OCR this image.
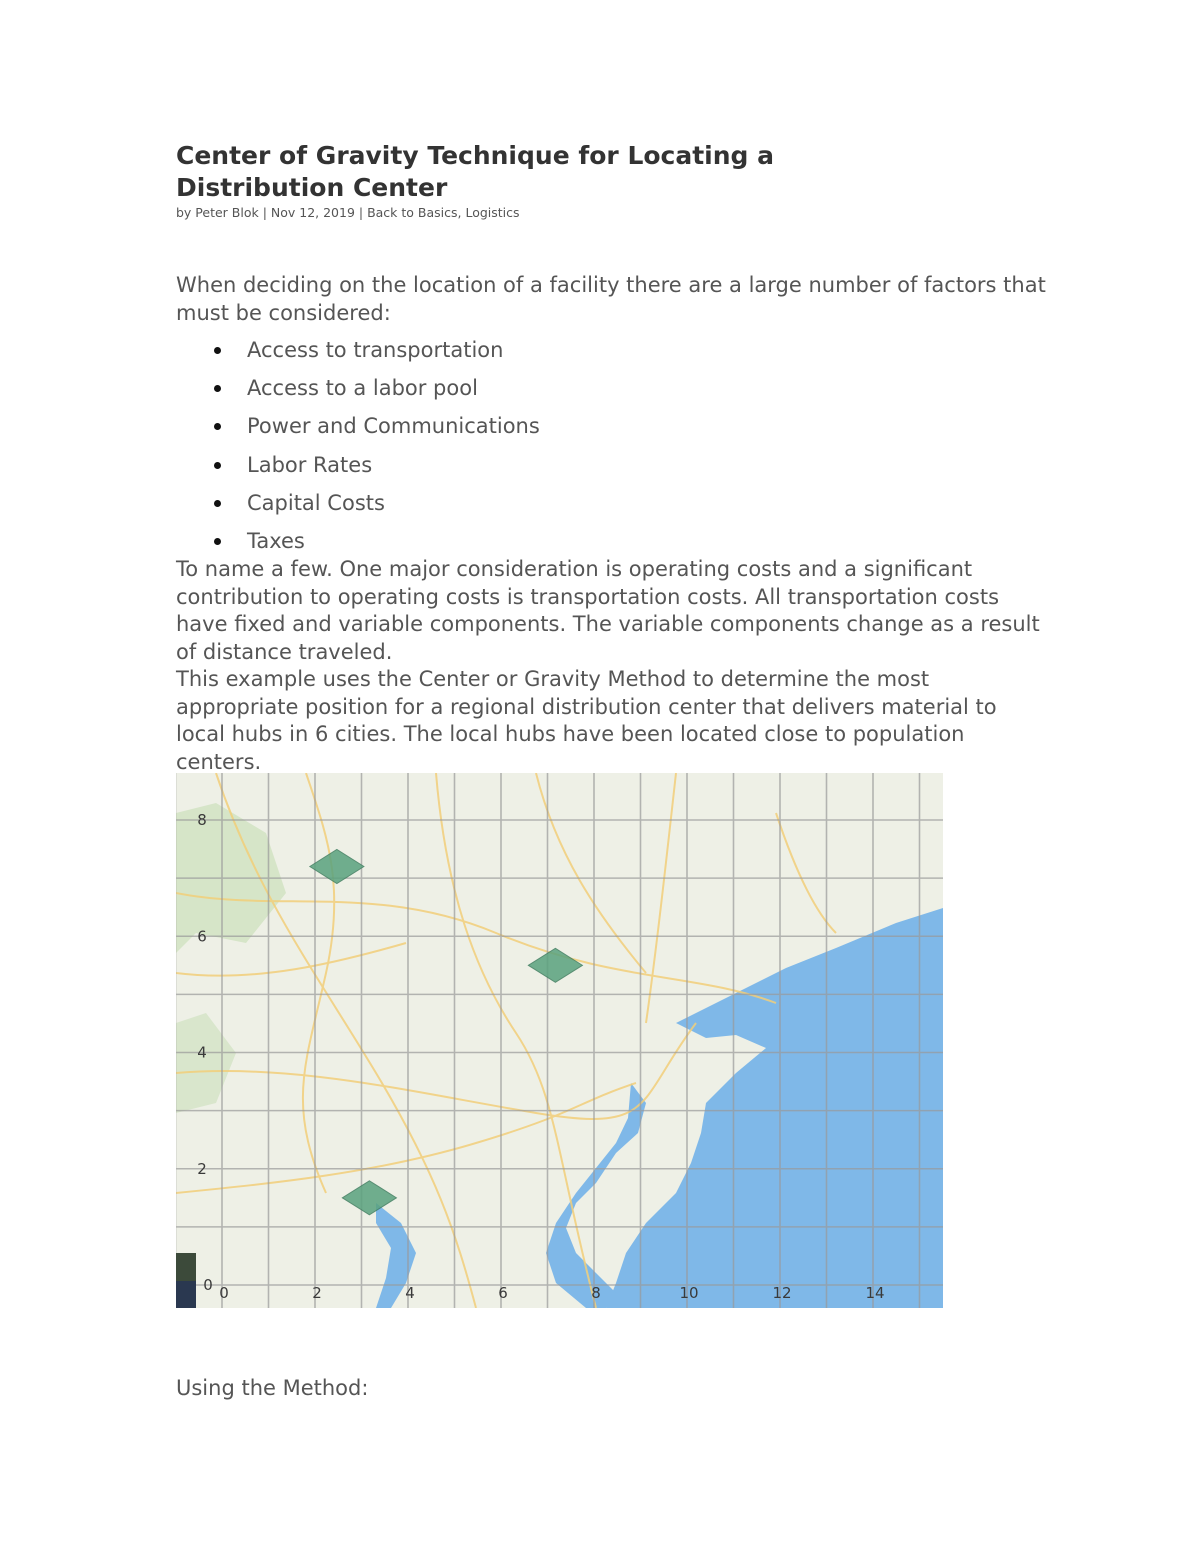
Center of Gravity Technique for Locating a Distribution Center
by Peter Blok | Nov 12, 2019 | Back to Basics, Logistics

When deciding on the location of a facility there are a large number of factors that must be considered:

Access to transportation
Access to a labor pool
Power and Communications
Labor Rates
Capital Costs
Taxes

To name a few. One major consideration is operating costs and a significant contribution to operating costs is transportation costs. All transportation costs have fixed and variable components. The variable components change as a result of distance traveled.

This example uses the Center or Gravity Method to determine the most appropriate position for a regional distribution center that delivers material to local hubs in 6 cities. The local hubs have been located close to population centers.

0	2	4	6	8	10	12	14
8
6
4
2
0

Using the Method:
